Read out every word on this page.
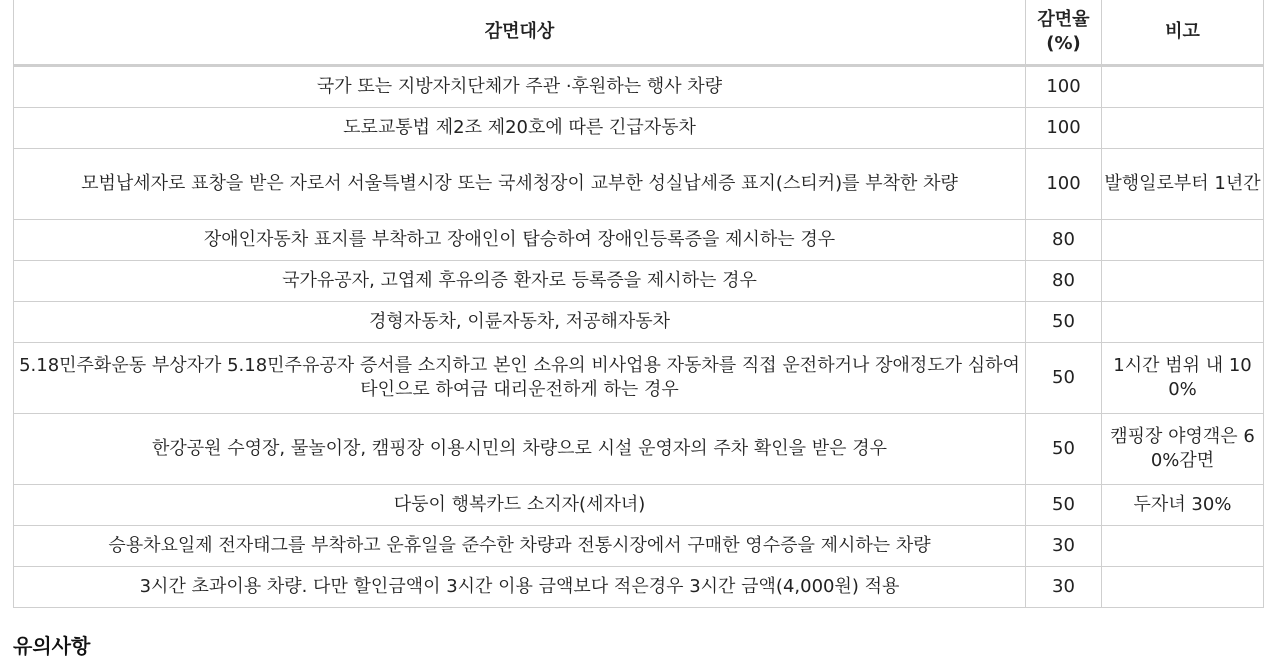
감면대상	감면율(%)	비고
국가 또는 지방자치단체가 주관 ·후원하는 행사 차량	100	
도로교통법 제2조 제20호에 따른 긴급자동차	100	
모범납세자로 표창을 받은 자로서 서울특별시장 또는 국세청장이 교부한 성실납세증 표지(스티커)를 부착한 차량	100	발행일로부터 1년간
장애인자동차 표지를 부착하고 장애인이 탑승하여 장애인등록증을 제시하는 경우	80	
국가유공자, 고엽제 후유의증 환자로 등록증을 제시하는 경우	80	
경형자동차, 이륜자동차, 저공해자동차	50	
5.18민주화운동 부상자가 5.18민주유공자 증서를 소지하고 본인 소유의 비사업용 자동차를 직접 운전하거나 장애정도가 심하여 타인으로 하여금 대리운전하게 하는 경우	50	1시간 범위 내 100%
한강공원 수영장, 물놀이장, 캠핑장 이용시민의 차량으로 시설 운영자의 주차 확인을 받은 경우	50	캠핑장 야영객은 60%감면
다둥이 행복카드 소지자(세자녀)	50	두자녀 30%
승용차요일제 전자태그를 부착하고 운휴일을 준수한 차량과 전통시장에서 구매한 영수증을 제시하는 차량	30	
3시간 초과이용 차량. 다만 할인금액이 3시간 이용 금액보다 적은경우 3시간 금액(4,000원) 적용	30	
유의사항
